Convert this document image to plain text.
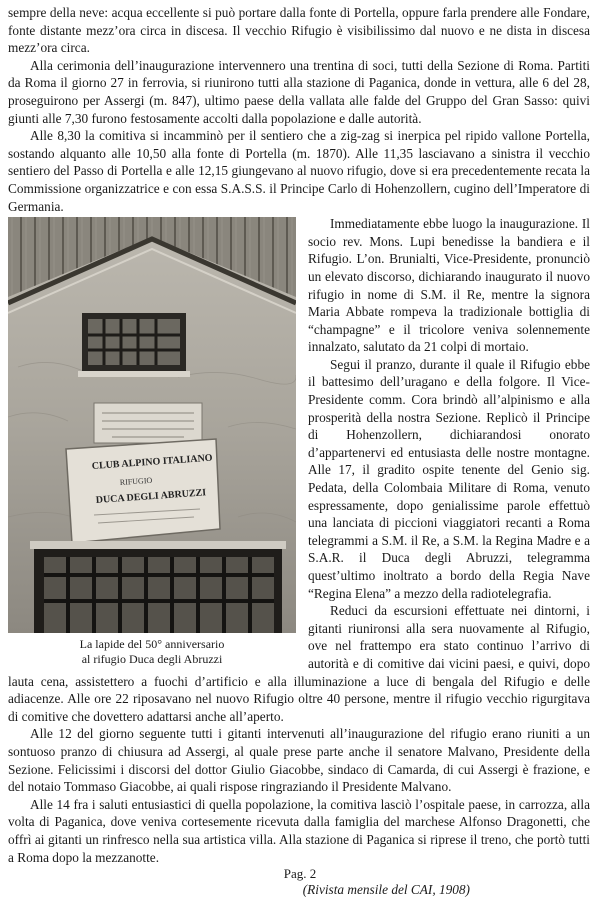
sempre della neve: acqua eccellente si può portare dalla fonte di Portella, oppure farla prendere alle Fondare, fonte distante mezz’ora circa in discesa. Il vecchio Rifugio è visibilissimo dal nuovo e ne dista in discesa mezz’ora circa.

Alla cerimonia dell’inaugurazione intervennero una trentina di soci, tutti della Sezione di Roma. Partiti da Roma il giorno 27 in ferrovia, si riunirono tutti alla stazione di Paganica, donde in vettura, alle 6 del 28, proseguirono per Assergi (m. 847), ultimo paese della vallata alle falde del Gruppo del Gran Sasso: quivi giunti alle 7,30 furono festosamente accolti dalla popolazione e dalle autorità.

Alle 8,30 la comitiva si incamminò per il sentiero che a zig-zag si inerpica pel ripido vallone Portella, sostando alquanto alle 10,50 alla fonte di Portella (m. 1870). Alle 11,35 lasciavano a sinistra il vecchio sentiero del Passo di Portella e alle 12,15 giungevano al nuovo rifugio, dove si era precedentemente recata la Commissione organizzatrice e con essa S.A.S.S. il Principe Carlo di Hohenzollern, cugino dell’Imperatore di Germania.

CLUB ALPINO ITALIANO
RIFUGIO
DUCA DEGLI ABRUZZI
La lapide del 50° anniversario
al rifugio Duca degli Abruzzi

Immediatamente ebbe luogo la inaugurazione. Il socio rev. Mons. Lupi benedisse la bandiera e il Rifugio. L’on. Brunialti, Vice-Presidente, pronunciò un elevato discorso, dichiarando inaugurato il nuovo rifugio in nome di S.M. il Re, mentre la signora Maria Abbate rompeva la tradizionale bottiglia di “champagne” e il tricolore veniva solennemente innalzato, salutato da 21 colpi di mortaio.

Segui il pranzo, durante il quale il Rifugio ebbe il battesimo dell’uragano e della folgore. Il Vice-Presidente comm. Cora brindò all’alpinismo e alla prosperità della nostra Sezione. Replicò il Principe di Hohenzollern, dichiarandosi onorato d’appartenervi ed entusiasta delle nostre montagne. Alle 17, il gradito ospite tenente del Genio sig. Pedata, della Colombaia Militare di Roma, venuto espressamente, dopo genialissime parole effettuò una lanciata di piccioni viaggiatori recanti a Roma telegrammi a S.M. il Re, a S.M. la Regina Madre e a S.A.R. il Duca degli Abruzzi, telegramma quest’ultimo inoltrato a bordo della Regia Nave “Regina Elena” a mezzo della radiotelegrafia.

Reduci da escursioni effettuate nei dintorni, i gitanti riunironsi alla sera nuovamente al Rifugio, ove nel frattempo era stato continuo l’arrivo di autorità e di comitive dai vicini paesi, e quivi, dopo lauta cena, assistettero a fuochi d’artificio e alla illuminazione a luce di bengala del Rifugio e delle adiacenze. Alle ore 22 riposavano nel nuovo Rifugio oltre 40 persone, mentre il rifugio vecchio rigurgitava di comitive che dovettero adattarsi anche all’aperto.

Alle 12 del giorno seguente tutti i gitanti intervenuti all’inaugurazione del rifugio erano riuniti a un sontuoso pranzo di chiusura ad Assergi, al quale prese parte anche il senatore Malvano, Presidente della Sezione. Felicissimi i discorsi del dottor Giulio Giacobbe, sindaco di Camarda, di cui Assergi è frazione, e del notaio Tommaso Giacobbe, ai quali rispose ringraziando il Presidente Malvano.

Alle 14 fra i saluti entusiastici di quella popolazione, la comitiva lasciò l’ospitale paese, in carrozza, alla volta di Paganica, dove veniva cortesemente ricevuta dalla famiglia del marchese Alfonso Dragonetti, che offrì ai gitanti un rinfresco nella sua artistica villa. Alla stazione di Paganica si riprese il treno, che portò tutti a Roma dopo la mezzanotte.

(Rivista mensile del CAI, 1908)
Pag. 2
